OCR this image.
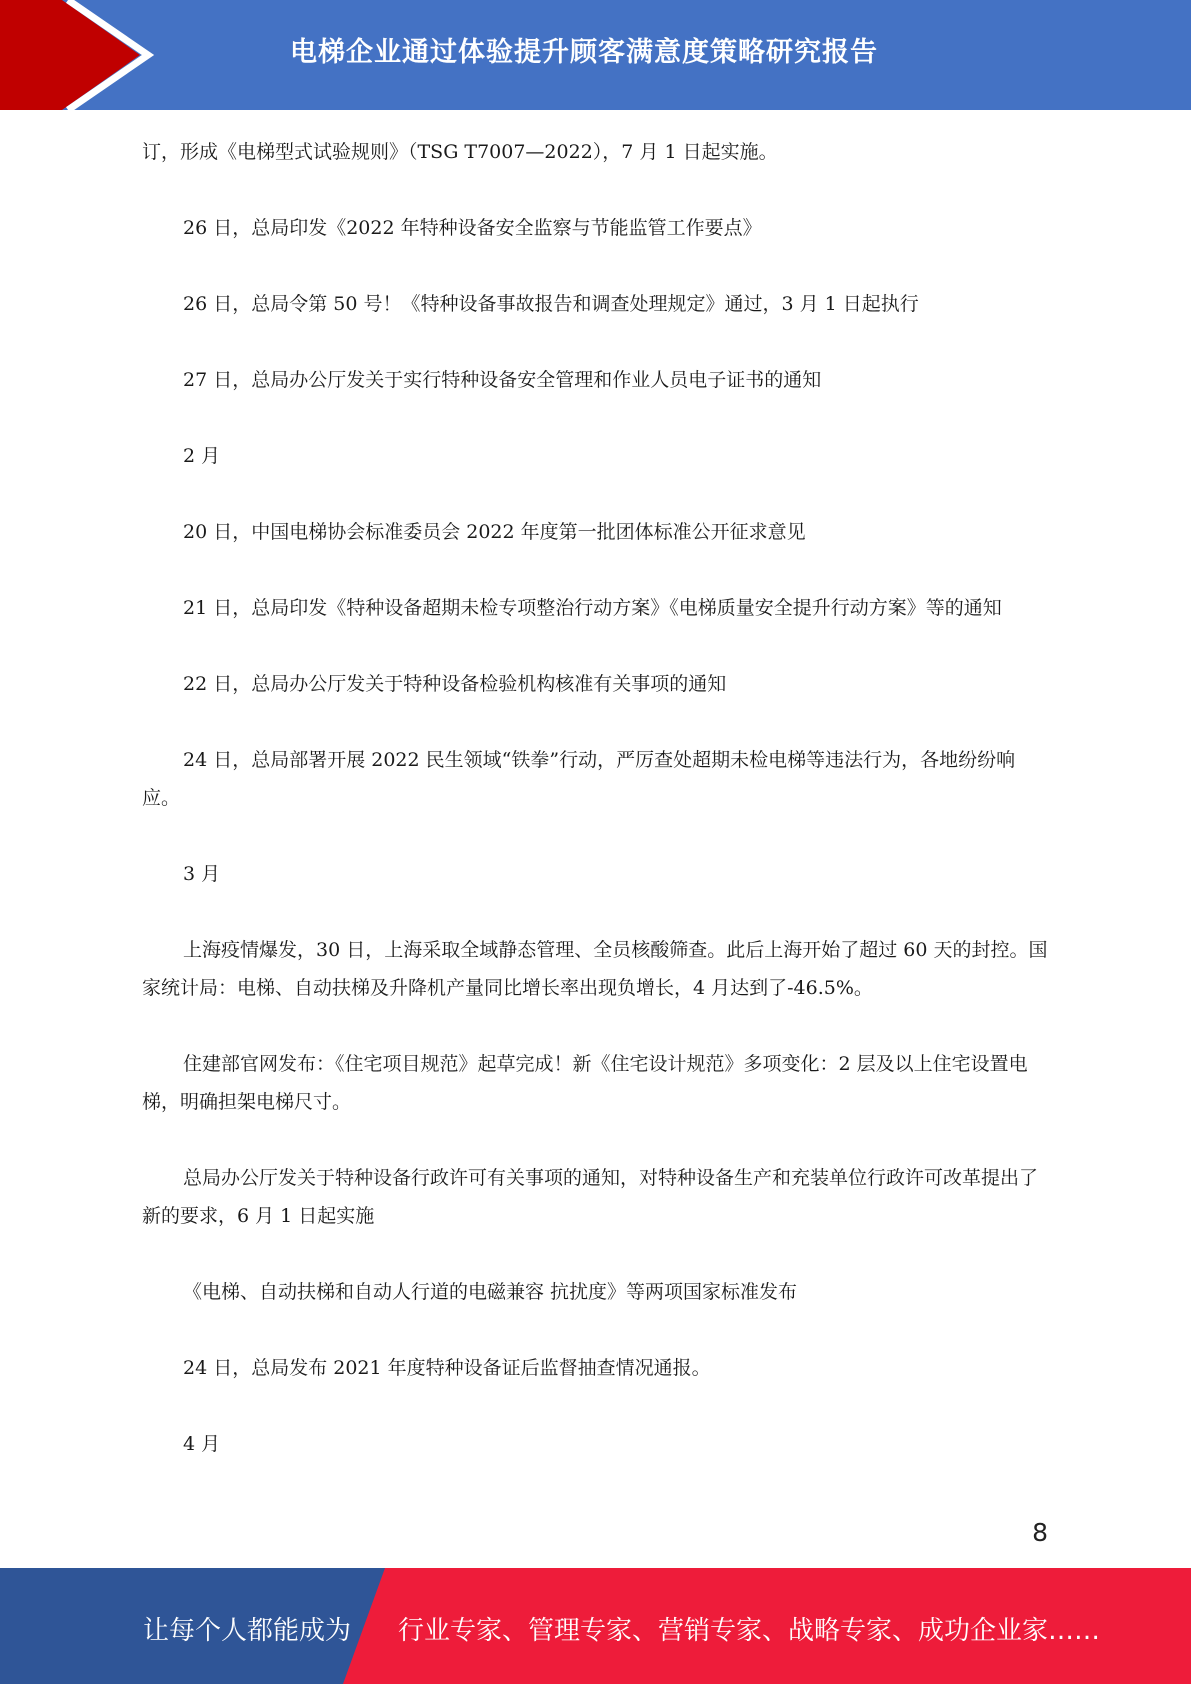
电梯企业通过体验提升顾客满意度策略研究报告

订，形成《电梯型式试验规则》（TSG T7007—2022），7 月 1 日起实施。

26 日，总局印发《2022 年特种设备安全监察与节能监管工作要点》

26 日，总局令第 50 号！《特种设备事故报告和调查处理规定》通过，3 月 1 日起执行

27 日，总局办公厅发关于实行特种设备安全管理和作业人员电子证书的通知

2 月

20 日，中国电梯协会标准委员会 2022 年度第一批团体标准公开征求意见

21 日，总局印发《特种设备超期未检专项整治行动方案》《电梯质量安全提升行动方案》等的通知

22 日，总局办公厅发关于特种设备检验机构核准有关事项的通知

24 日，总局部署开展 2022 民生领域“铁拳”行动，严厉查处超期未检电梯等违法行为，各地纷纷响应。

3 月

上海疫情爆发，30 日，上海采取全域静态管理、全员核酸筛查。此后上海开始了超过 60 天的封控。国家统计局：电梯、自动扶梯及升降机产量同比增长率出现负增长，4 月达到了-46.5%。

住建部官网发布：《住宅项目规范》起草完成！新《住宅设计规范》多项变化：2 层及以上住宅设置电梯，明确担架电梯尺寸。

总局办公厅发关于特种设备行政许可有关事项的通知，对特种设备生产和充装单位行政许可改革提出了新的要求，6 月 1 日起实施

《电梯、自动扶梯和自动人行道的电磁兼容 抗扰度》等两项国家标准发布

24 日，总局发布 2021 年度特种设备证后监督抽查情况通报。

4 月

8
让每个人都能成为 行业专家、管理专家、营销专家、战略专家、成功企业家……
